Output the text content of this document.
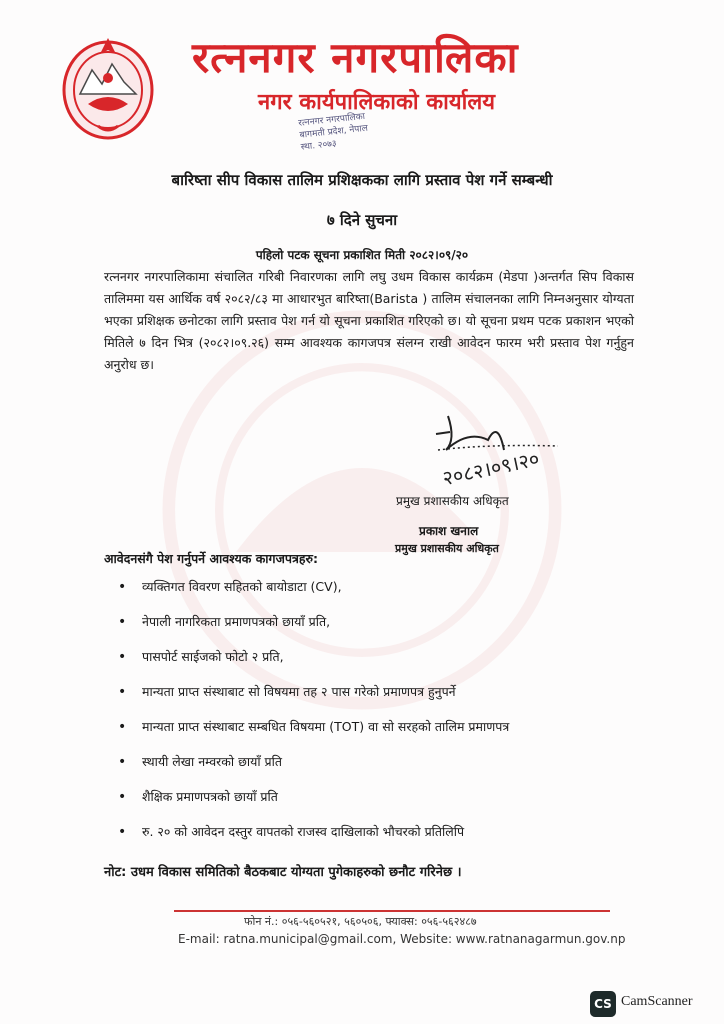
रत्ननगर नगरपालिका
नगर कार्यपालिकाको कार्यालय
रत्ननगर नगरपालिका
बागमती प्रदेश, नेपाल
स्था. २०७३
बारिष्ता सीप विकास तालिम प्रशिक्षकका लागि प्रस्ताव पेश गर्ने सम्बन्धी
७ दिने सुचना
पहिलो पटक सूचना प्रकाशित मिती २०८२।०९/२०
रत्ननगर नगरपालिकामा संचालित गरिबी निवारणका लागि लघु उधम विकास कार्यक्रम (मेडपा )अन्तर्गत सिप विकास तालिममा यस आर्थिक वर्ष २०८२/८३ मा आधारभुत बारिष्ता(Barista ) तालिम संचालनका लागि निम्नअनुसार योग्यता भएका प्रशिक्षक छनोटका लागि प्रस्ताव पेश गर्न यो सूचना प्रकाशित गरिएको छ। यो सूचना प्रथम पटक प्रकाशन भएको मितिले ७ दिन भित्र (२०८२।०९.२६) सम्म आवश्यक कागजपत्र संलग्न राखी आवेदन फारम भरी प्रस्ताव पेश गर्नुहुन अनुरोध छ।
२०८२।०९।२०
प्रमुख प्रशासकीय अधिकृत
प्रकाश खनाल
प्रमुख प्रशासकीय अधिकृत
आवेदनसंगै पेश गर्नुपर्ने आवश्यक कागजपत्रहरु:
• व्यक्तिगत विवरण सहितको बायोडाटा (CV),
• नेपाली नागरिकता प्रमाणपत्रको छायाँ प्रति,
• पासपोर्ट साईजको फोटो २ प्रति,
• मान्यता प्राप्त संस्थाबाट सो विषयमा तह २ पास गरेको प्रमाणपत्र हुनुपर्ने
• मान्यता प्राप्त संस्थाबाट सम्बधित विषयमा (TOT) वा सो सरहको तालिम प्रमाणपत्र
• स्थायी लेखा नम्वरको छायाँ प्रति
• शैक्षिक प्रमाणपत्रको छायाँ प्रति
• रु. २० को आवेदन दस्तुर वापतको राजस्व दाखिलाको भौचरको प्रतिलिपि
नोट: उधम विकास समितिको बैठकबाट योग्यता पुगेकाहरुको छनौट गरिनेछ ।
फोन नं.: ०५६-५६०५२१, ५६०५०६, फ्याक्स: ०५६-५६२४८७
E-mail: ratna.municipal@gmail.com, Website: www.ratnanagarmun.gov.np
CS CamScanner
